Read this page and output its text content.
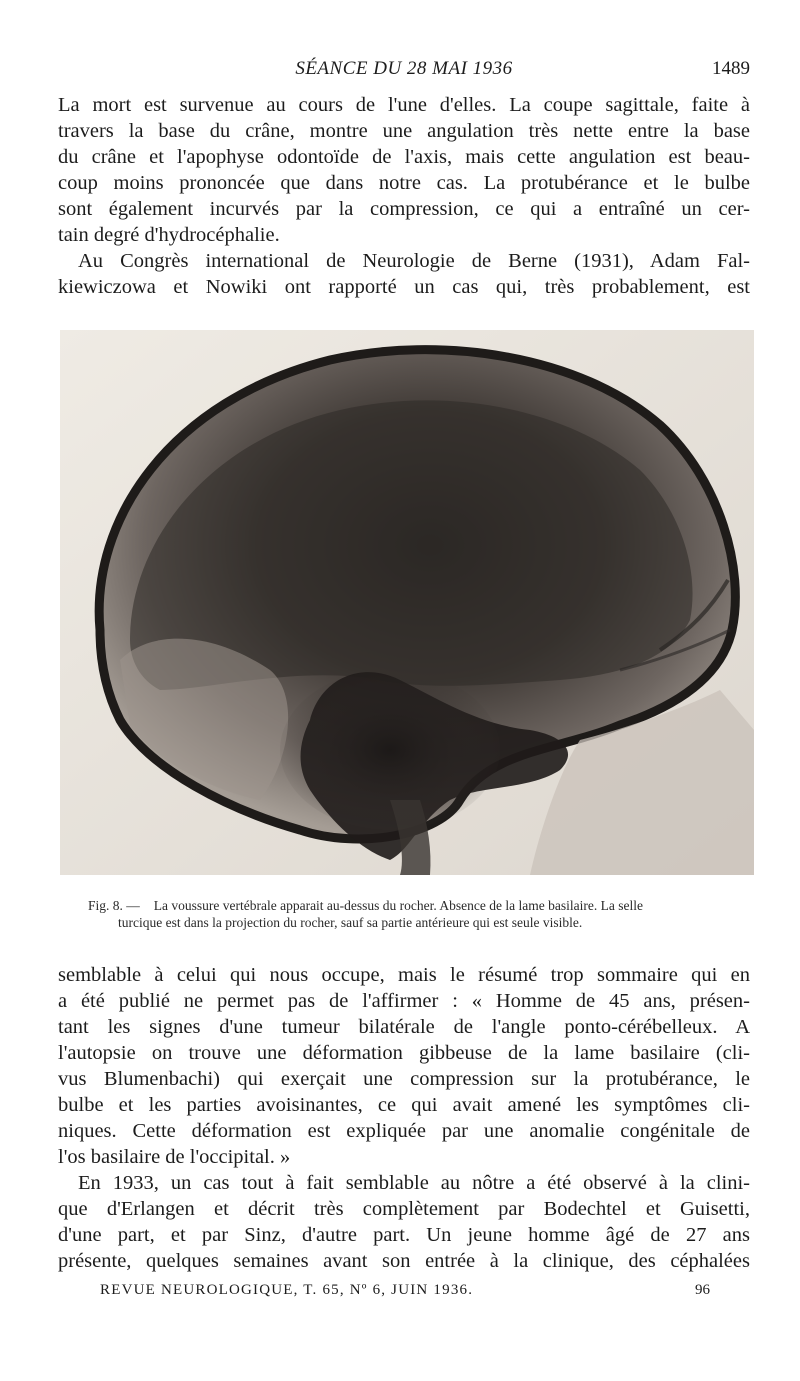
SÉANCE DU 28 MAI 1936	1489

La mort est survenue au cours de l'une d'elles. La coupe sagittale, faite à
travers la base du crâne, montre une angulation très nette entre la base
du crâne et l'apophyse odontoïde de l'axis, mais cette angulation est beau-
coup moins prononcée que dans notre cas. La protubérance et le bulbe
sont également incurvés par la compression, ce qui a entraîné un cer-
tain degré d'hydrocéphalie.

Au Congrès international de Neurologie de Berne (1931), Adam Fal-
kiewiczowa et Nowiki ont rapporté un cas qui, très probablement, est

Fig. 8. — La voussure vertébrale apparait au-dessus du rocher. Absence de la lame basilaire. La selle
turcique est dans la projection du rocher, sauf sa partie antérieure qui est seule visible.

semblable à celui qui nous occupe, mais le résumé trop sommaire qui en
a été publié ne permet pas de l'affirmer : « Homme de 45 ans, présen-
tant les signes d'une tumeur bilatérale de l'angle ponto-cérébelleux. A
l'autopsie on trouve une déformation gibbeuse de la lame basilaire (cli-
vus Blumenbachi) qui exerçait une compression sur la protubérance, le
bulbe et les parties avoisinantes, ce qui avait amené les symptômes cli-
niques. Cette déformation est expliquée par une anomalie congénitale de
l'os basilaire de l'occipital. »

En 1933, un cas tout à fait semblable au nôtre a été observé à la clini-
que d'Erlangen et décrit très complètement par Bodechtel et Guisetti,
d'une part, et par Sinz, d'autre part. Un jeune homme âgé de 27 ans
présente, quelques semaines avant son entrée à la clinique, des céphalées

REVUE NEUROLOGIQUE, T. 65, Nº 6, JUIN 1936.	96
